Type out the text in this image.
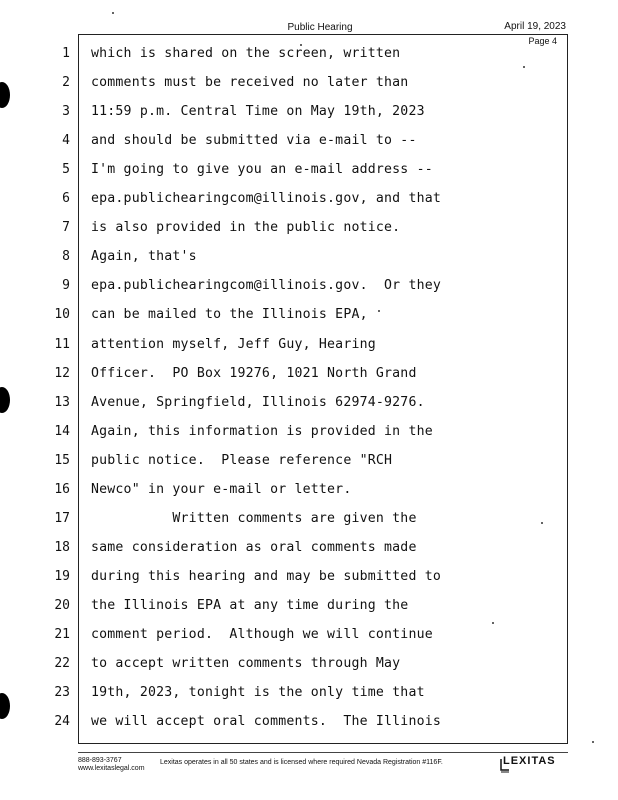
Public Hearing	April 19, 2023
Page 4
1 which is shared on the screen, written
2 comments must be received no later than
3 11:59 p.m. Central Time on May 19th, 2023
4 and should be submitted via e-mail to --
5 I'm going to give you an e-mail address --
6 epa.publichearingcom@illinois.gov, and that
7 is also provided in the public notice.
8 Again, that's
9 epa.publichearingcom@illinois.gov.  Or they
10 can be mailed to the Illinois EPA,
11 attention myself, Jeff Guy, Hearing
12 Officer.  PO Box 19276, 1021 North Grand
13 Avenue, Springfield, Illinois 62974-9276.
14 Again, this information is provided in the
15 public notice.  Please reference "RCH
16 Newco" in your e-mail or letter.
17 Written comments are given the
18 same consideration as oral comments made
19 during this hearing and may be submitted to
20 the Illinois EPA at any time during the
21 comment period.  Although we will continue
22 to accept written comments through May
23 19th, 2023, tonight is the only time that
24 we will accept oral comments.  The Illinois
888-893-3767
www.lexitaslegal.com
Lexitas operates in all 50 states and is licensed where required Nevada Registration #116F.	LEXITAS
